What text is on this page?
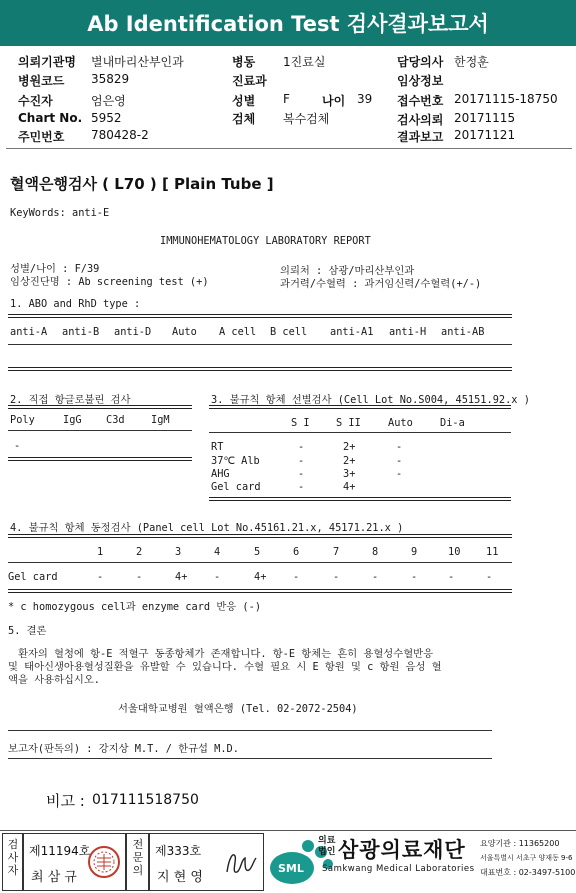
Ab Identification Test 검사결과보고서
의뢰기관명 별내마리산부인과	병동 1진료실	담당의사 한정훈
병원코드 35829	진료과	임상정보
수진자	엄은영	성별 F	나이 39 접수번호 20171115-18750
Chart No. 5952	검체 복수검체	검사의뢰 20171115
주민번호 780428-2	결과보고 20171121
혈액은행검사 ( L70 ) [ Plain Tube ]
KeyWords: anti-E
IMMUNOHEMATOLOGY LABORATORY REPORT
성별/나이 : F/39
임상진단명 : Ab screening test (+)
의뢰처 : 삼광/마리산부인과
과거력/수혈력 : 과거임신력/수혈력(+/-)
1. ABO and RhD type :
anti-A anti-B anti-D Auto A cell B cell anti-A1 anti-H anti-AB
2. 직접 항글로불린 검사
Poly	IgG C3d	IgM
-
3. 불규칙 항체 선별검사 (Cell Lot No.S004, 45151.92.x )
S I	S II	Auto	Di-a
RT	-	2+	-
37℃ Alb	-	2+	-
AHG	-	3+	-
Gel card	-	4+
4. 불규칙 항체 동정검사 (Panel cell Lot No.45161.21.x, 45171.21.x )
1	2	3	4	5	6	7	8	9	10 11
Gel card	-	-	4+	-	4+	-	-	-	-	-	-
* c homozygous cell과 enzyme card 반응 (-)
5. 결론
환자의 혈청에 항-E 적혈구 동종항체가 존재합니다. 항-E 항체는 흔히 용혈성수혈반응
및 태아신생아용혈성질환을 유발할 수 있습니다. 수혈 필요 시 E 항원 및 c 항원 음성 혈
액을 사용하십시오.
서울대학교병원 혈액은행 (Tel. 02-2072-2504)
보고자(판독의) : 강지상 M.T. / 한규섭 M.D.
비고 : 017111518750
검
사
자
제11194호
최 삼 규
전
문
의
제333호
지 현 영
SML
의료법인 삼광의료재단
Samkwang Medical Laboratories
요양기관 : 11365200
서울특별시 서초구 양재동 9-6
대표번호 : 02-3497-5100
